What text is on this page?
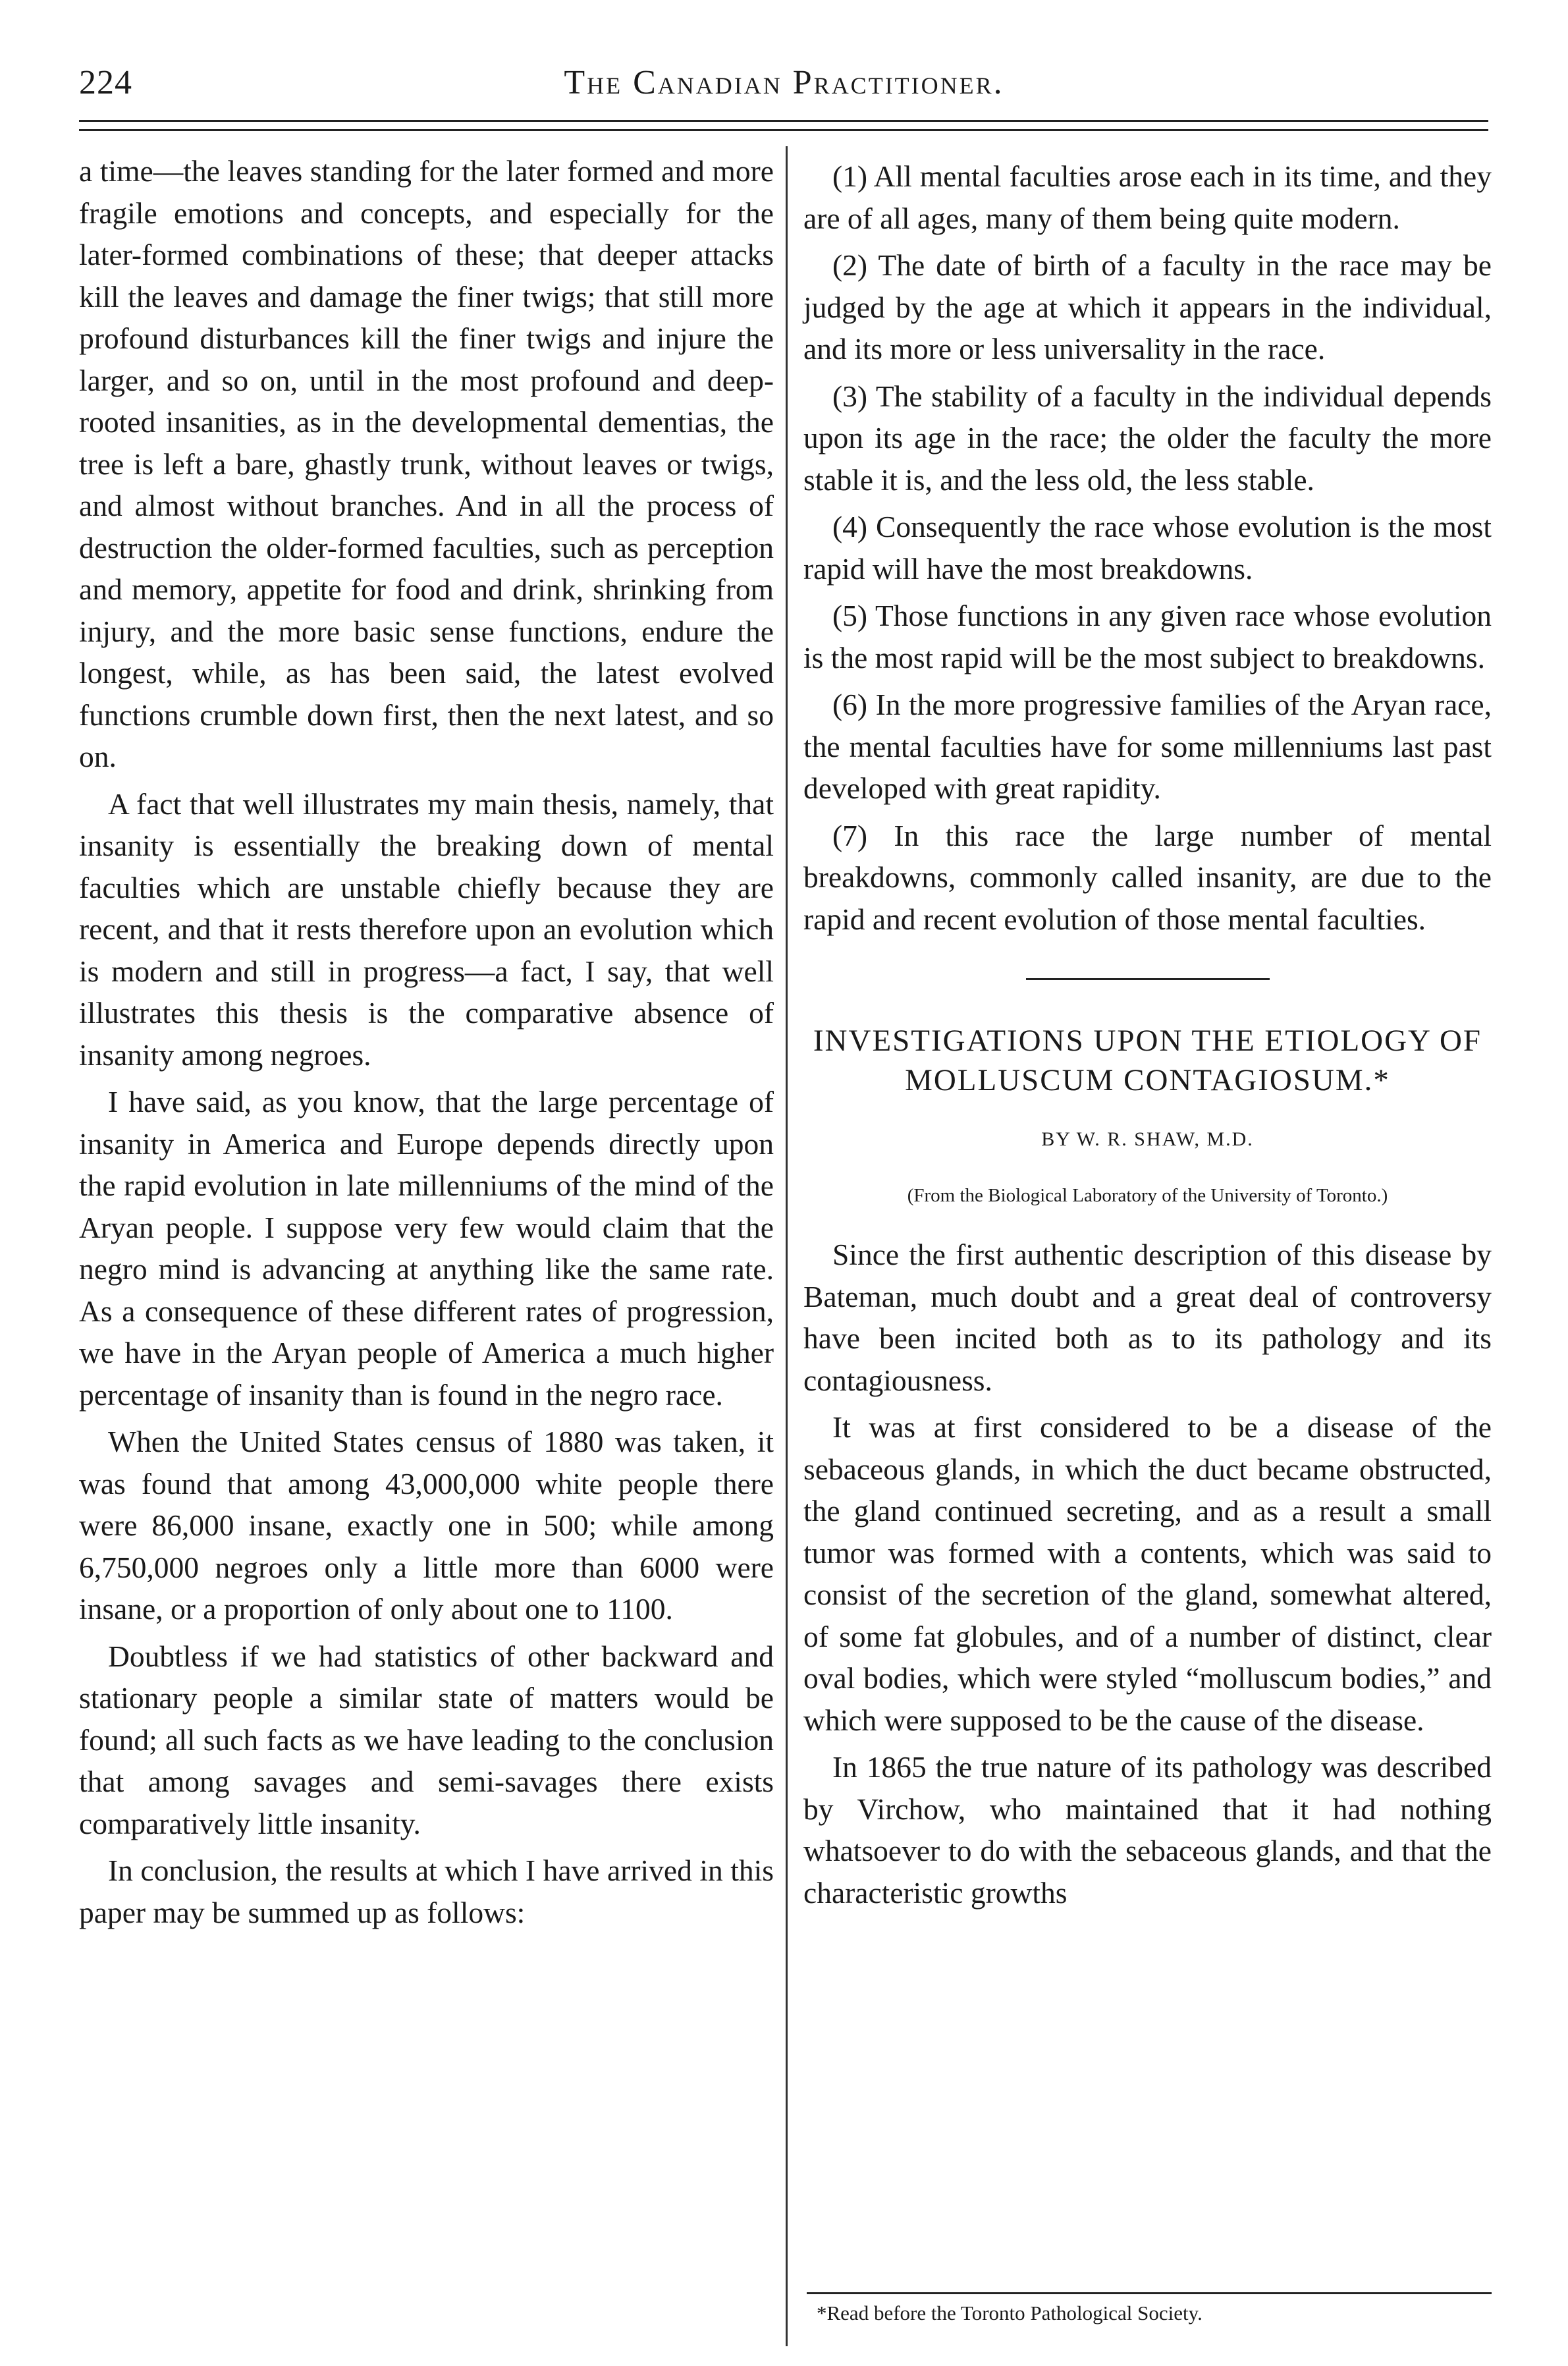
224	The Canadian Practitioner.

a time—the leaves standing for the later formed and more fragile emotions and concepts, and especially for the later-formed combinations of these; that deeper attacks kill the leaves and damage the finer twigs; that still more profound disturbances kill the finer twigs and injure the larger, and so on, until in the most profound and deep-rooted insanities, as in the developmental dementias, the tree is left a bare, ghastly trunk, without leaves or twigs, and almost without branches. And in all the process of destruction the older-formed faculties, such as perception and memory, appetite for food and drink, shrinking from injury, and the more basic sense functions, endure the longest, while, as has been said, the latest evolved functions crumble down first, then the next latest, and so on.

A fact that well illustrates my main thesis, namely, that insanity is essentially the breaking down of mental faculties which are unstable chiefly because they are recent, and that it rests therefore upon an evolution which is modern and still in progress—a fact, I say, that well illustrates this thesis is the comparative absence of insanity among negroes.

I have said, as you know, that the large percentage of insanity in America and Europe depends directly upon the rapid evolution in late millenniums of the mind of the Aryan people. I suppose very few would claim that the negro mind is advancing at anything like the same rate. As a consequence of these different rates of progression, we have in the Aryan people of America a much higher percentage of insanity than is found in the negro race.

When the United States census of 1880 was taken, it was found that among 43,000,000 white people there were 86,000 insane, exactly one in 500; while among 6,750,000 negroes only a little more than 6000 were insane, or a proportion of only about one to 1100.

Doubtless if we had statistics of other backward and stationary people a similar state of matters would be found; all such facts as we have leading to the conclusion that among savages and semi-savages there exists comparatively little insanity.

In conclusion, the results at which I have arrived in this paper may be summed up as follows:

(1) All mental faculties arose each in its time, and they are of all ages, many of them being quite modern.

(2) The date of birth of a faculty in the race may be judged by the age at which it appears in the individual, and its more or less universality in the race.

(3) The stability of a faculty in the individual depends upon its age in the race; the older the faculty the more stable it is, and the less old, the less stable.

(4) Consequently the race whose evolution is the most rapid will have the most breakdowns.

(5) Those functions in any given race whose evolution is the most rapid will be the most subject to breakdowns.

(6) In the more progressive families of the Aryan race, the mental faculties have for some millenniums last past developed with great rapidity.

(7) In this race the large number of mental breakdowns, commonly called insanity, are due to the rapid and recent evolution of those mental faculties.

INVESTIGATIONS UPON THE ETIOLOGY OF MOLLUSCUM CONTAGIOSUM.*
BY W. R. SHAW, M.D.
(From the Biological Laboratory of the University of Toronto.)

Since the first authentic description of this disease by Bateman, much doubt and a great deal of controversy have been incited both as to its pathology and its contagiousness.

It was at first considered to be a disease of the sebaceous glands, in which the duct became obstructed, the gland continued secreting, and as a result a small tumor was formed with a contents, which was said to consist of the secretion of the gland, somewhat altered, of some fat globules, and of a number of distinct, clear oval bodies, which were styled “molluscum bodies,” and which were supposed to be the cause of the disease.

In 1865 the true nature of its pathology was described by Virchow, who maintained that it had nothing whatsoever to do with the sebaceous glands, and that the characteristic growths

*Read before the Toronto Pathological Society.
